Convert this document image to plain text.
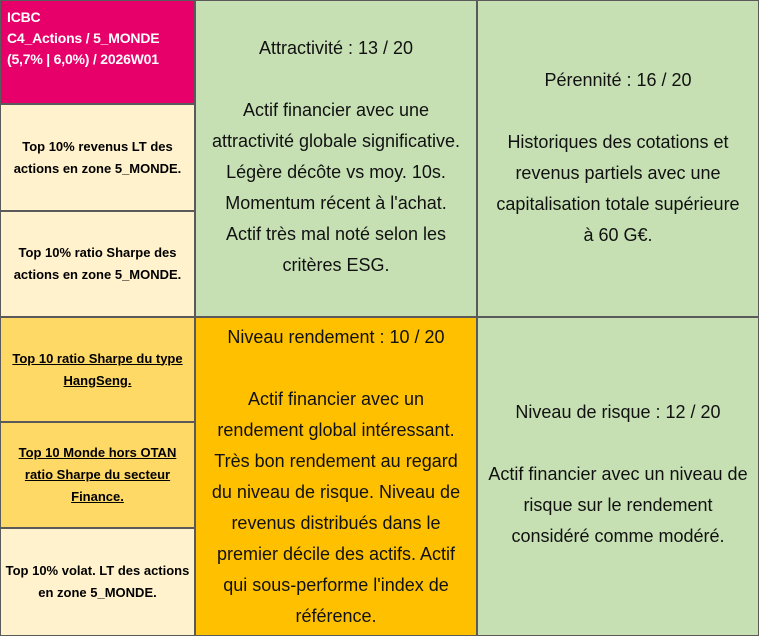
ICBC
C4_Actions / 5_MONDE
(5,7% | 6,0%) / 2026W01
Top 10% revenus LT des actions en zone 5_MONDE.
Top 10% ratio Sharpe des actions en zone 5_MONDE.
Top 10 ratio Sharpe du type HangSeng.
Top 10 Monde hors OTAN ratio Sharpe du secteur Finance.
Top 10% volat. LT des actions en zone 5_MONDE.
Attractivité : 13 / 20
Actif financier avec une
attractivité globale significative.
Légère décôte vs moy. 10s.
Momentum récent à l'achat.
Actif très mal noté selon les
critères ESG.
Pérennité : 16 / 20
Historiques des cotations et
revenus partiels avec une
capitalisation totale supérieure
à 60 G€.
Niveau rendement : 10 / 20
Actif financier avec un
rendement global intéressant.
Très bon rendement au regard
du niveau de risque. Niveau de
revenus distribués dans le
premier décile des actifs. Actif
qui sous-performe l'index de
référence.
Niveau de risque : 12 / 20
Actif financier avec un niveau de
risque sur le rendement
considéré comme modéré.
